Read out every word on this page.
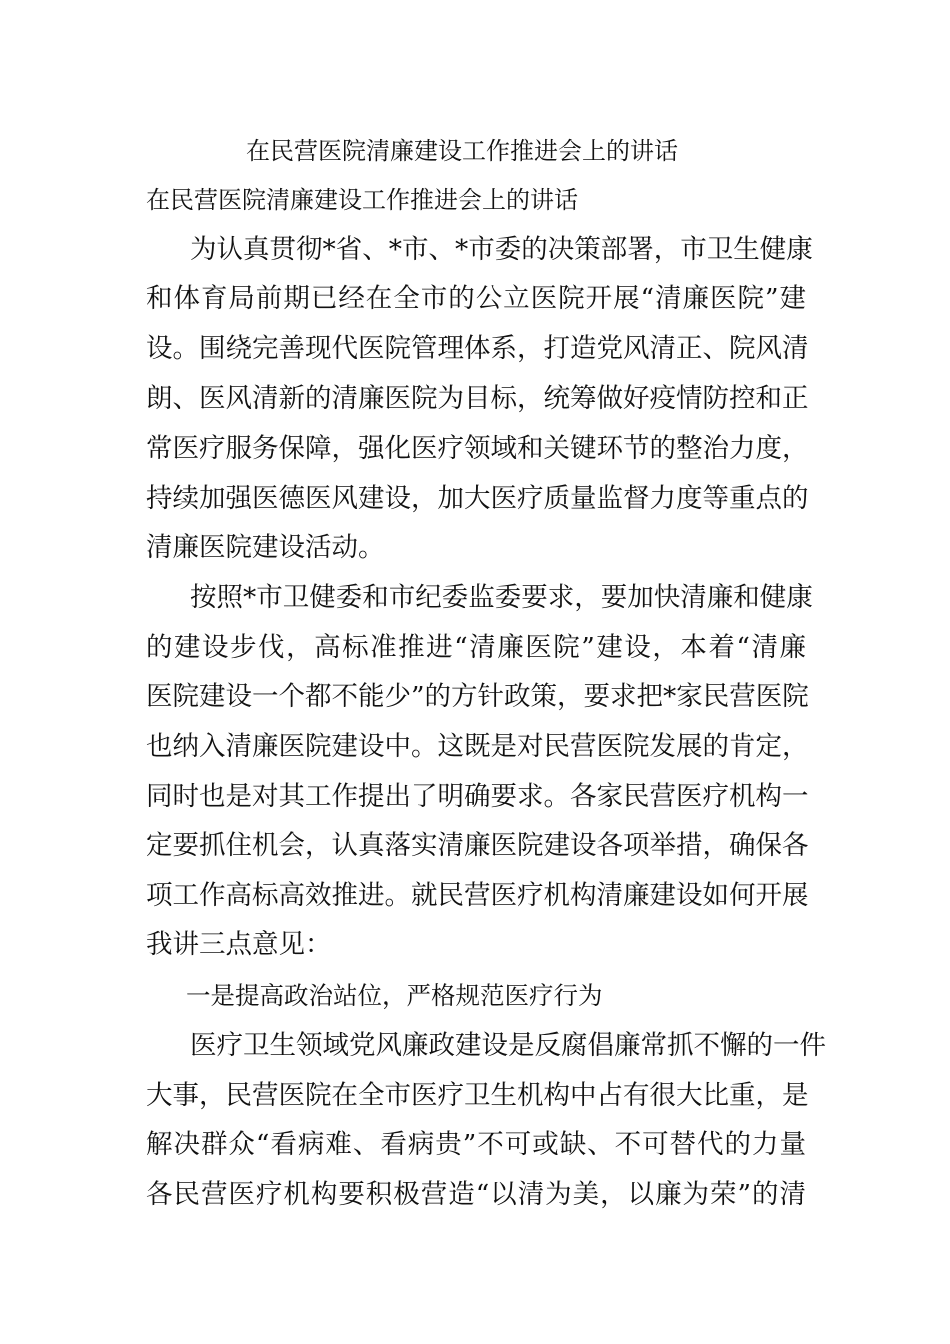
在民营医院清廉建设工作推进会上的讲话
在民营医院清廉建设工作推进会上的讲话
为认真贯彻*省、*市、*市委的决策部署，市卫生健康
和体育局前期已经在全市的公立医院开展“清廉医院”建
设。围绕完善现代医院管理体系，打造党风清正、院风清
朗、医风清新的清廉医院为目标，统筹做好疫情防控和正
常医疗服务保障，强化医疗领域和关键环节的整治力度，
持续加强医德医风建设，加大医疗质量监督力度等重点的
清廉医院建设活动。
按照*市卫健委和市纪委监委要求，要加快清廉和健康
的建设步伐，高标准推进“清廉医院”建设，本着“清廉
医院建设一个都不能少”的方针政策，要求把*家民营医院
也纳入清廉医院建设中。这既是对民营医院发展的肯定，
同时也是对其工作提出了明确要求。各家民营医疗机构一
定要抓住机会，认真落实清廉医院建设各项举措，确保各
项工作高标高效推进。就民营医疗机构清廉建设如何开展
我讲三点意见：
一是提高政治站位，严格规范医疗行为
医疗卫生领域党风廉政建设是反腐倡廉常抓不懈的一件
大事，民营医院在全市医疗卫生机构中占有很大比重，是
解决群众“看病难、看病贵”不可或缺、不可替代的力量
各民营医疗机构要积极营造“以清为美，以廉为荣”的清
